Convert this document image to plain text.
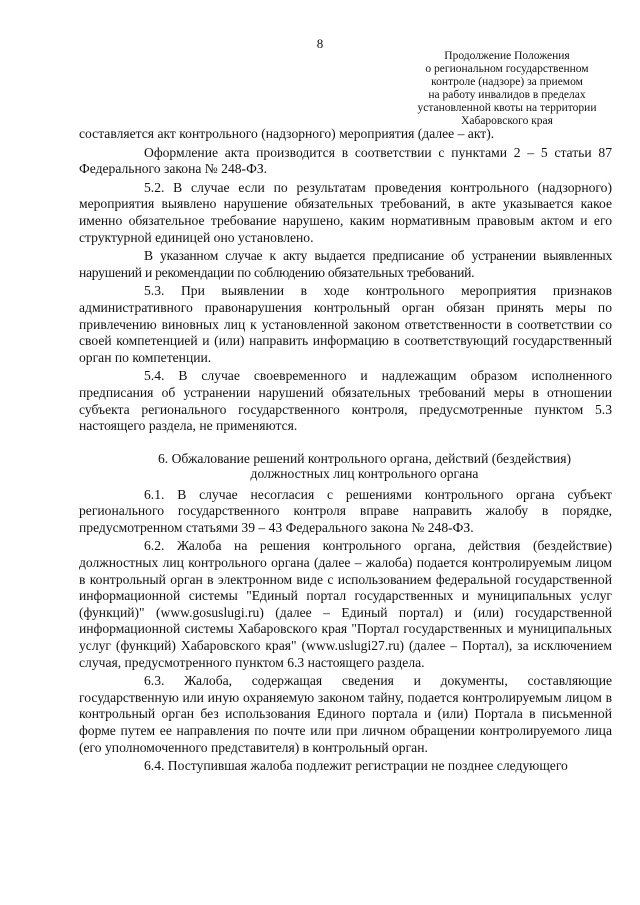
8
Продолжение Положения
о региональном государственном
контроле (надзоре) за приемом
на работу инвалидов в пределах
установленной квоты на территории
Хабаровского края

составляется акт контрольного (надзорного) мероприятия (далее – акт).

Оформление акта производится в соответствии с пунктами 2 – 5 статьи 87 Федерального закона № 248-ФЗ.

5.2. В случае если по результатам проведения контрольного (надзорного) мероприятия выявлено нарушение обязательных требований, в акте указывается какое именно обязательное требование нарушено, каким нормативным правовым актом и его структурной единицей оно установлено.

В указанном случае к акту выдается предписание об устранении выявленных нарушений и рекомендации по соблюдению обязательных требований.

5.3. При выявлении в ходе контрольного мероприятия признаков административного правонарушения контрольный орган обязан принять меры по привлечению виновных лиц к установленной законом ответственности в соответствии со своей компетенцией и (или) направить информацию в соответствующий государственный орган по компетенции.

5.4. В случае своевременного и надлежащим образом исполненного предписания об устранении нарушений обязательных требований меры в отношении субъекта регионального государственного контроля, предусмотренные пунктом 5.3 настоящего раздела, не применяются.

6. Обжалование решений контрольного органа, действий (бездействия)
должностных лиц контрольного органа

6.1. В случае несогласия с решениями контрольного органа субъект регионального государственного контроля вправе направить жалобу в порядке, предусмотренном статьями 39 – 43 Федерального закона № 248-ФЗ.

6.2. Жалоба на решения контрольного органа, действия (бездействие) должностных лиц контрольного органа (далее – жалоба) подается контролируемым лицом в контрольный орган в электронном виде с использованием федеральной государственной информационной системы "Единый портал государственных и муниципальных услуг (функций)" (www.gosuslugi.ru) (далее – Единый портал) и (или) государственной информационной системы Хабаровского края "Портал государственных и муниципальных услуг (функций) Хабаровского края" (www.uslugi27.ru) (далее – Портал), за исключением случая, предусмотренного пунктом 6.3 настоящего раздела.

6.3. Жалоба, содержащая сведения и документы, составляющие государственную или иную охраняемую законом тайну, подается контролируемым лицом в контрольный орган без использования Единого портала и (или) Портала в письменной форме путем ее направления по почте или при личном обращении контролируемого лица (его уполномоченного представителя) в контрольный орган.

6.4. Поступившая жалоба подлежит регистрации не позднее следующего
